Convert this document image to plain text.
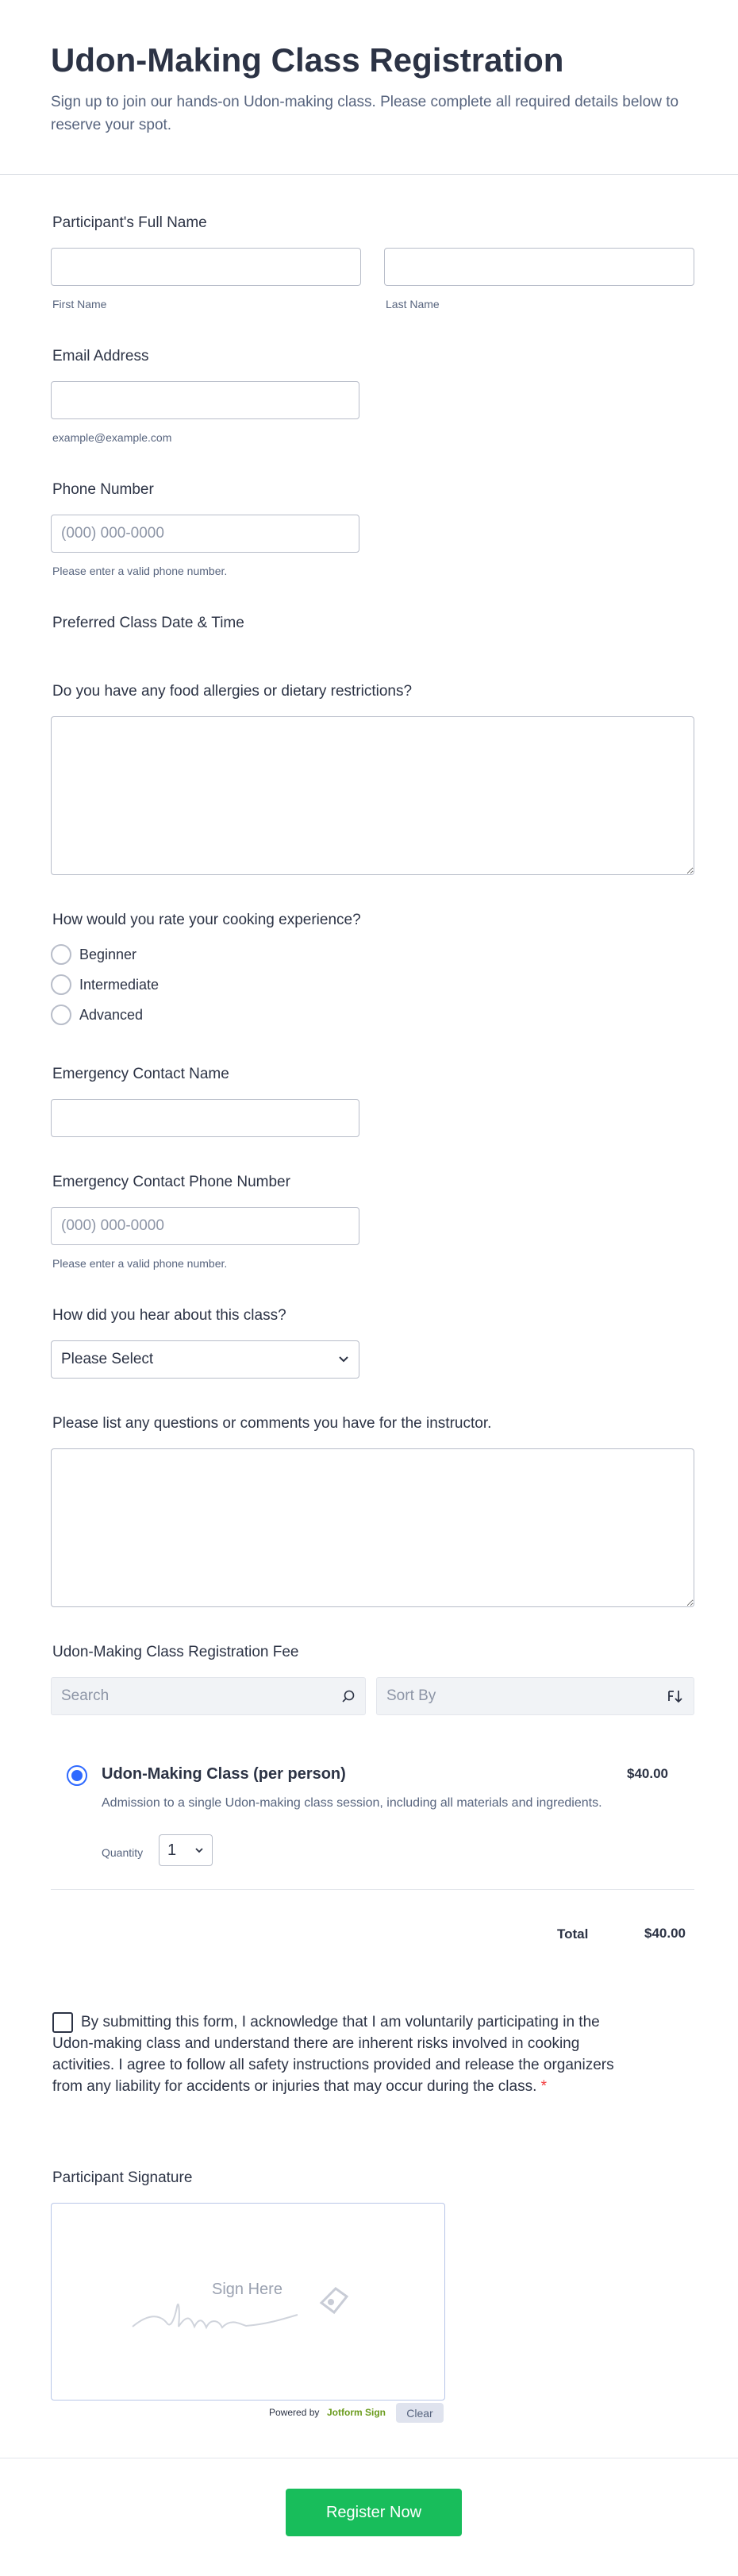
Udon-Making Class Registration
Sign up to join our hands-on Udon-making class. Please complete all required details below to reserve your spot.
Participant's Full Name
First Name	Last Name
Email Address
example@example.com
Phone Number
(000) 000-0000
Please enter a valid phone number.
Preferred Class Date & Time
Do you have any food allergies or dietary restrictions?
How would you rate your cooking experience?
Beginner
Intermediate
Advanced
Emergency Contact Name
Emergency Contact Phone Number
(000) 000-0000
Please enter a valid phone number.
How did you hear about this class?
Please Select
Please list any questions or comments you have for the instructor.
Udon-Making Class Registration Fee
Search	Sort By
Udon-Making Class (per person)	$40.00
Admission to a single Udon-making class session, including all materials and ingredients.
Quantity 1
Total	$40.00
By submitting this form, I acknowledge that I am voluntarily participating in the Udon-making class and understand there are inherent risks involved in cooking activities. I agree to follow all safety instructions provided and release the organizers from any liability for accidents or injuries that may occur during the class. *
Participant Signature
Sign Here
Powered by Jotform Sign	Clear
Register Now
